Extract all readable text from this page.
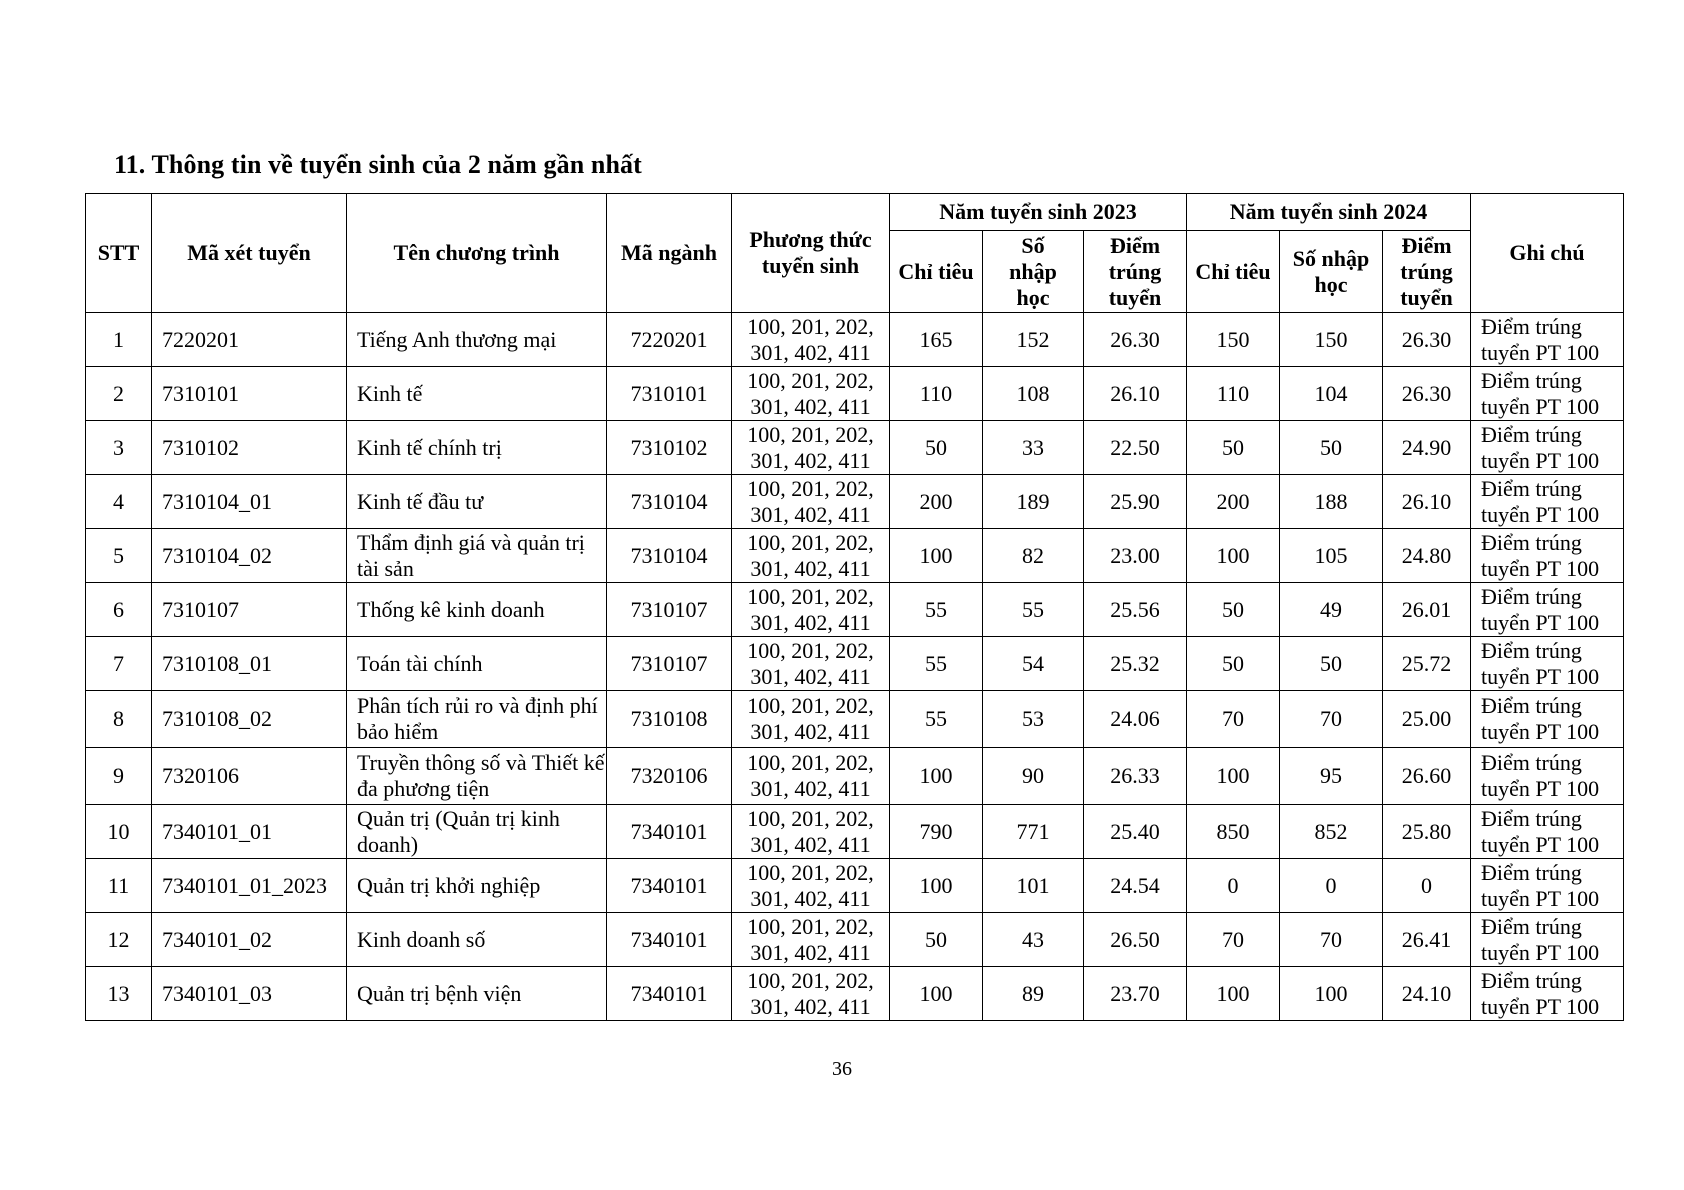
11. Thông tin về tuyển sinh của 2 năm gần nhất
STT	Mã xét tuyển	Tên chương trình	Mã ngành	Phương thức tuyển sinh	Năm tuyển sinh 2023			Năm tuyển sinh 2024			Ghi chú
					Chỉ tiêu	Số nhập học	Điểm trúng tuyển	Chỉ tiêu	Số nhập học	Điểm trúng tuyển	
1	7220201	Tiếng Anh thương mại	7220201	100, 201, 202, 301, 402, 411	165	152	26.30	150	150	26.30	Điểm trúng tuyển PT 100
2	7310101	Kinh tế	7310101	100, 201, 202, 301, 402, 411	110	108	26.10	110	104	26.30	Điểm trúng tuyển PT 100
3	7310102	Kinh tế chính trị	7310102	100, 201, 202, 301, 402, 411	50	33	22.50	50	50	24.90	Điểm trúng tuyển PT 100
4	7310104_01	Kinh tế đầu tư	7310104	100, 201, 202, 301, 402, 411	200	189	25.90	200	188	26.10	Điểm trúng tuyển PT 100
5	7310104_02	Thẩm định giá và quản trị tài sản	7310104	100, 201, 202, 301, 402, 411	100	82	23.00	100	105	24.80	Điểm trúng tuyển PT 100
6	7310107	Thống kê kinh doanh	7310107	100, 201, 202, 301, 402, 411	55	55	25.56	50	49	26.01	Điểm trúng tuyển PT 100
7	7310108_01	Toán tài chính	7310107	100, 201, 202, 301, 402, 411	55	54	25.32	50	50	25.72	Điểm trúng tuyển PT 100
8	7310108_02	Phân tích rủi ro và định phí bảo hiểm	7310108	100, 201, 202, 301, 402, 411	55	53	24.06	70	70	25.00	Điểm trúng tuyển PT 100
9	7320106	Truyền thông số và Thiết kế đa phương tiện	7320106	100, 201, 202, 301, 402, 411	100	90	26.33	100	95	26.60	Điểm trúng tuyển PT 100
10	7340101_01	Quản trị (Quản trị kinh doanh)	7340101	100, 201, 202, 301, 402, 411	790	771	25.40	850	852	25.80	Điểm trúng tuyển PT 100
11	7340101_01_2023	Quản trị khởi nghiệp	7340101	100, 201, 202, 301, 402, 411	100	101	24.54	0	0	0	Điểm trúng tuyển PT 100
12	7340101_02	Kinh doanh số	7340101	100, 201, 202, 301, 402, 411	50	43	26.50	70	70	26.41	Điểm trúng tuyển PT 100
13	7340101_03	Quản trị bệnh viện	7340101	100, 201, 202, 301, 402, 411	100	89	23.70	100	100	24.10	Điểm trúng tuyển PT 100
36
